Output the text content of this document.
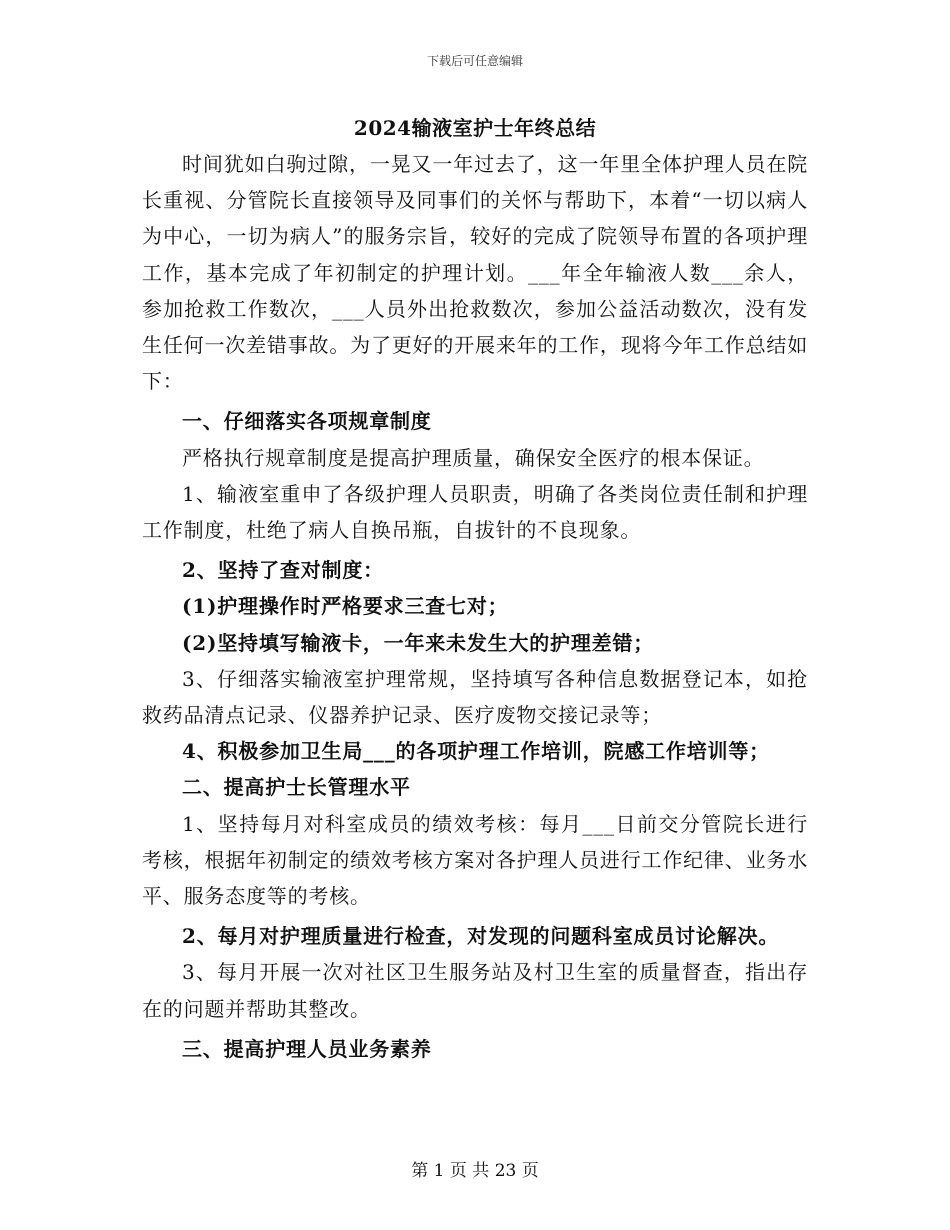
下载后可任意编辑
2024输液室护士年终总结

时间犹如白驹过隙，一晃又一年过去了，这一年里全体护理人员在院长重视、分管院长直接领导及同事们的关怀与帮助下，本着“一切以病人为中心，一切为病人”的服务宗旨，较好的完成了院领导布置的各项护理工作，基本完成了年初制定的护理计划。___年全年输液人数___余人，参加抢救工作数次，___人员外出抢救数次，参加公益活动数次，没有发生任何一次差错事故。为了更好的开展来年的工作，现将今年工作总结如下：

一、仔细落实各项规章制度

严格执行规章制度是提高护理质量，确保安全医疗的根本保证。

1、输液室重申了各级护理人员职责，明确了各类岗位责任制和护理工作制度，杜绝了病人自换吊瓶，自拔针的不良现象。

2、坚持了查对制度：

(1)护理操作时严格要求三查七对；

(2)坚持填写输液卡，一年来未发生大的护理差错；

3、仔细落实输液室护理常规，坚持填写各种信息数据登记本，如抢救药品清点记录、仪器养护记录、医疗废物交接记录等；

4、积极参加卫生局___的各项护理工作培训，院感工作培训等；

二、提高护士长管理水平

1、坚持每月对科室成员的绩效考核：每月___日前交分管院长进行考核，根据年初制定的绩效考核方案对各护理人员进行工作纪律、业务水平、服务态度等的考核。

2、每月对护理质量进行检查，对发现的问题科室成员讨论解决。

3、每月开展一次对社区卫生服务站及村卫生室的质量督查，指出存在的问题并帮助其整改。

三、提高护理人员业务素养

第 1 页 共 23 页
